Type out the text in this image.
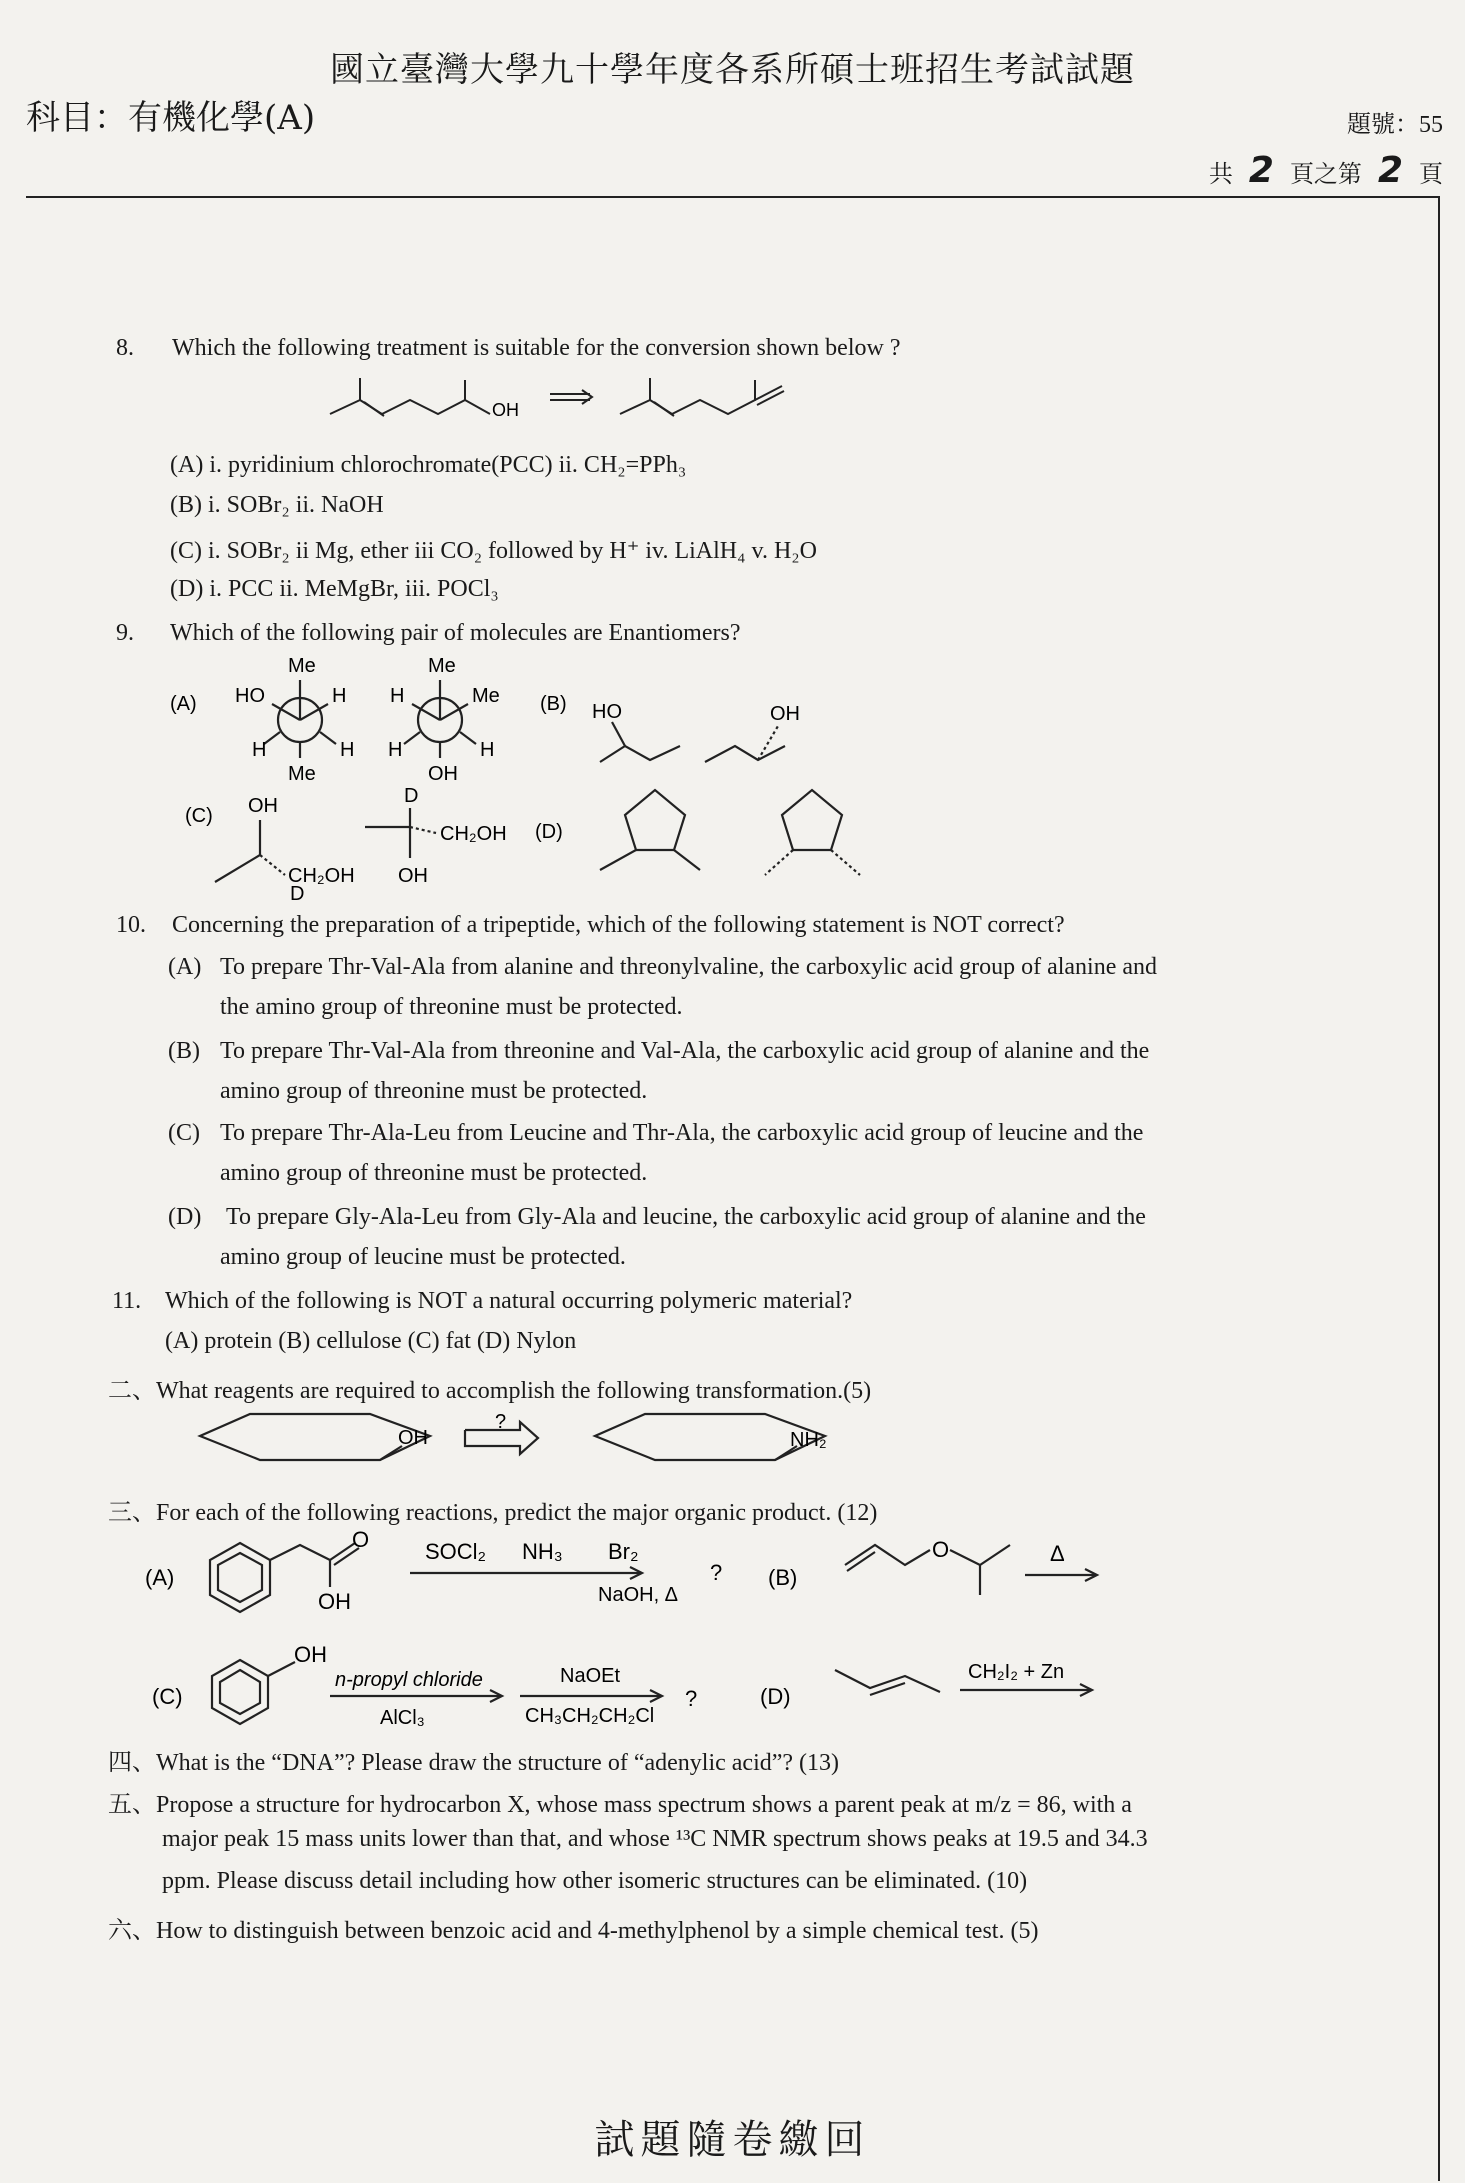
國立臺灣大學九十學年度各系所碩士班招生考試試題
科目：有機化學(A)	題號：55
共 2 頁之第 2 頁
8. Which the following treatment is suitable for the conversion shown below ?
OH
(A) i. pyridinium chlorochromate(PCC) ii. CH₂=PPh₃
(B) i. SOBr₂ ii. NaOH
(C) i. SOBr₂ ii Mg, ether iii CO₂ followed by H⁺ iv. LiAlH₄ v. H₂O
(D) i. PCC ii. MeMgBr, iii. POCl₃
9. Which of the following pair of molecules are Enantiomers?
(A)
Me
HO	H
H	H
Me
Me
H	Me
H	H
OH
(B) HO	OH
(C) OH
CH₂OH
D
D
CH₂OH
OH
(D)
10. Concerning the preparation of a tripeptide, which of the following statement is NOT correct?
(A) To prepare Thr-Val-Ala from alanine and threonylvaline, the carboxylic acid group of alanine and
the amino group of threonine must be protected.
(B) To prepare Thr-Val-Ala from threonine and Val-Ala, the carboxylic acid group of alanine and the
amino group of threonine must be protected.
(C) To prepare Thr-Ala-Leu from Leucine and Thr-Ala, the carboxylic acid group of leucine and the
amino group of threonine must be protected.
(D) To prepare Gly-Ala-Leu from Gly-Ala and leucine, the carboxylic acid group of alanine and the
amino group of leucine must be protected.
11. Which of the following is NOT a natural occurring polymeric material?
(A) protein (B) cellulose (C) fat (D) Nylon
二、What reagents are required to accomplish the following transformation.(5)
OH
?
NH₂
三、For each of the following reactions, predict the major organic product. (12)
(A)
O
OH
SOCl₂ NH₃ Br₂
NaOH, Δ
? (B)
O	Δ
(C)
OH
n-propyl chloride
AlCl₃
NaOEt
CH₃CH₂CH₂Cl
?	(D)
CH₂I₂ + Zn
四、What is the “DNA”? Please draw the structure of “adenylic acid”? (13)
五、Propose a structure for hydrocarbon X, whose mass spectrum shows a parent peak at m/z = 86, with a
major peak 15 mass units lower than that, and whose ¹³C NMR spectrum shows peaks at 19.5 and 34.3
ppm. Please discuss detail including how other isomeric structures can be eliminated. (10)
六、How to distinguish between benzoic acid and 4-methylphenol by a simple chemical test. (5)
試題隨卷繳回
